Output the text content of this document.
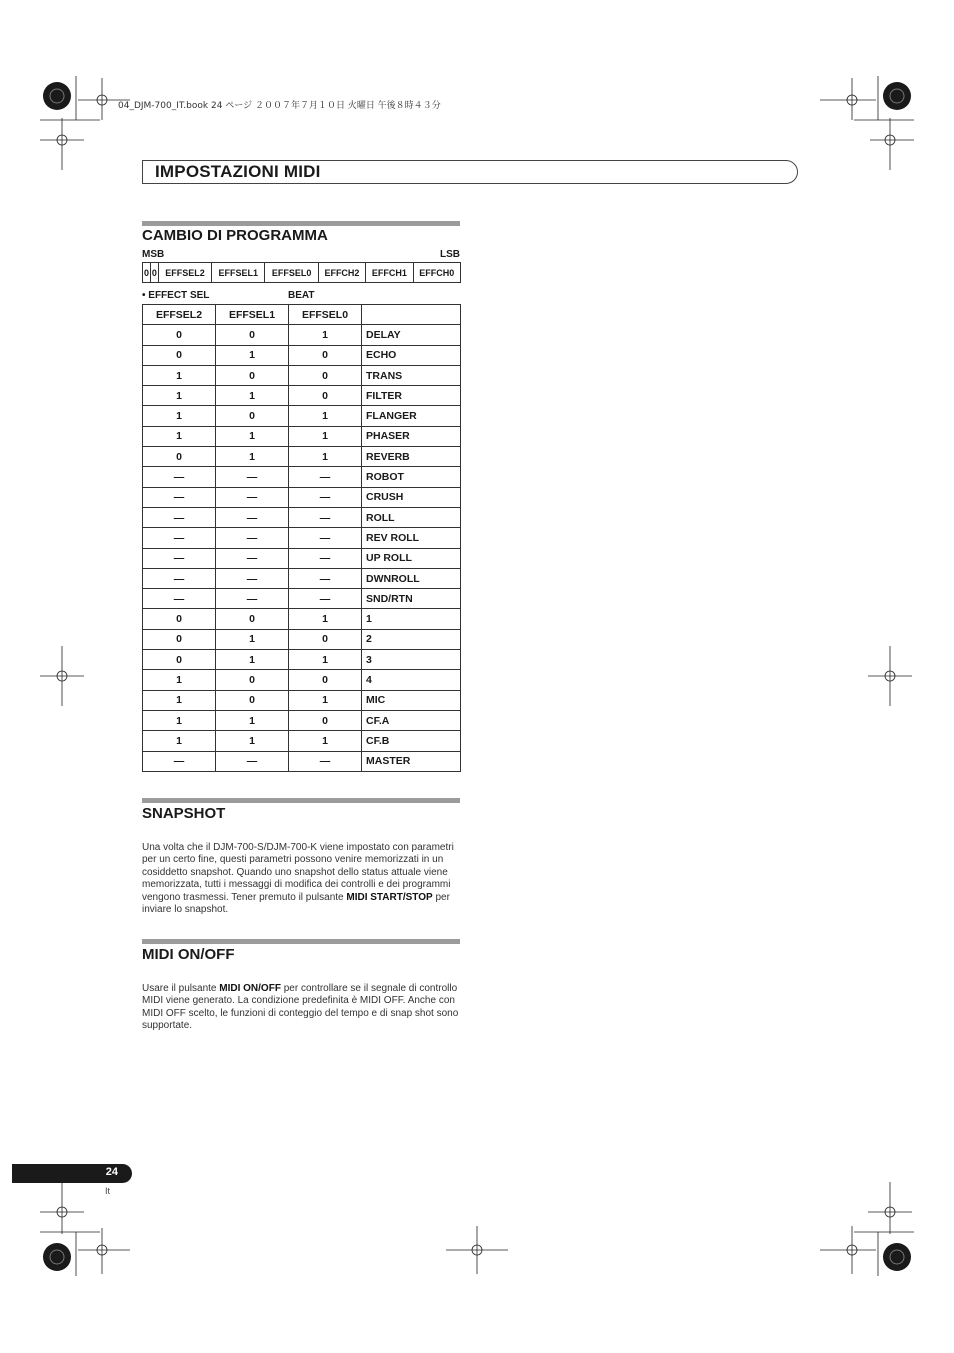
04_DJM-700_IT.book 24 ページ ２００７年７月１０日 火曜日 午後８時４３分
IMPOSTAZIONI MIDI
CAMBIO DI PROGRAMMA
MSB	LSB
0	0	EFFSEL2	EFFSEL1	EFFSEL0	EFFCH2	EFFCH1	EFFCH0
• EFFECT SEL	BEAT
EFFSEL2	EFFSEL1	EFFSEL0	
0	0	1	DELAY
0	1	0	ECHO
1	0	0	TRANS
1	1	0	FILTER
1	0	1	FLANGER
1	1	1	PHASER
0	1	1	REVERB
—	—	—	ROBOT
—	—	—	CRUSH
—	—	—	ROLL
—	—	—	REV ROLL
—	—	—	UP ROLL
—	—	—	DWNROLL
—	—	—	SND/RTN
0	0	1	1
0	1	0	2
0	1	1	3
1	0	0	4
1	0	1	MIC
1	1	0	CF.A
1	1	1	CF.B
—	—	—	MASTER
SNAPSHOT
Una volta che il DJM-700-S/DJM-700-K viene impostato con parametri per un certo fine, questi parametri possono venire memorizzati in un cosiddetto snapshot. Quando uno snapshot dello status attuale viene memorizzata, tutti i messaggi di modifica dei controlli e dei programmi vengono trasmessi. Tener premuto il pulsante MIDI START/STOP per inviare lo snapshot.
MIDI ON/OFF
Usare il pulsante MIDI ON/OFF per controllare se il segnale di controllo MIDI viene generato. La condizione predefinita è MIDI OFF. Anche con MIDI OFF scelto, le funzioni di conteggio del tempo e di snap shot sono supportate.
24
It
